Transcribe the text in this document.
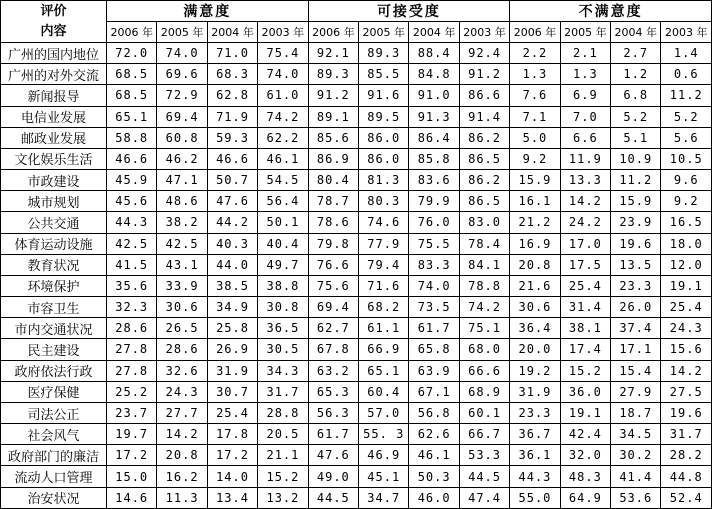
评价
内容	满意度				可接受度				不满意度			
	2006 年	2005 年	2004 年	2003 年	2006 年	2005 年	2004 年	2003 年	2006 年	2005 年	2004 年	2003 年
广州的国内地位	72.0	74.0	71.0	75.4	92.1	89.3	88.4	92.4	2.2	2.1	2.7	1.4
广州的对外交流	68.5	69.6	68.3	74.0	89.3	85.5	84.8	91.2	1.3	1.3	1.2	0.6
新闻报导	68.5	72.9	62.8	61.0	91.2	91.6	91.0	86.6	7.6	6.9	6.8	11.2
电信业发展	65.1	69.4	71.9	74.2	89.1	89.5	91.3	91.4	7.1	7.0	5.2	5.2
邮政业发展	58.8	60.8	59.3	62.2	85.6	86.0	86.4	86.2	5.0	6.6	5.1	5.6
文化娱乐生活	46.6	46.2	46.6	46.1	86.9	86.0	85.8	86.5	9.2	11.9	10.9	10.5
市政建设	45.9	47.1	50.7	54.5	80.4	81.3	83.6	86.2	15.9	13.3	11.2	9.6
城市规划	45.6	48.6	47.6	56.4	78.7	80.3	79.9	86.5	16.1	14.2	15.9	9.2
公共交通	44.3	38.2	44.2	50.1	78.6	74.6	76.0	83.0	21.2	24.2	23.9	16.5
体育运动设施	42.5	42.5	40.3	40.4	79.8	77.9	75.5	78.4	16.9	17.0	19.6	18.0
教育状况	41.5	43.1	44.0	49.7	76.6	79.4	83.3	84.1	20.8	17.5	13.5	12.0
环境保护	35.6	33.9	38.5	38.8	75.6	71.6	74.0	78.8	21.6	25.4	23.3	19.1
市容卫生	32.3	30.6	34.9	30.8	69.4	68.2	73.5	74.2	30.6	31.4	26.0	25.4
市内交通状况	28.6	26.5	25.8	36.5	62.7	61.1	61.7	75.1	36.4	38.1	37.4	24.3
民主建设	27.8	28.6	26.9	30.5	67.8	66.9	65.8	68.0	20.0	17.4	17.1	15.6
政府依法行政	27.8	32.6	31.9	34.3	63.2	65.1	63.9	66.6	19.2	15.2	15.4	14.2
医疗保健	25.2	24.3	30.7	31.7	65.3	60.4	67.1	68.9	31.9	36.0	27.9	27.5
司法公正	23.7	27.7	25.4	28.8	56.3	57.0	56.8	60.1	23.3	19.1	18.7	19.6
社会风气	19.7	14.2	17.8	20.5	61.7	55. 3	62.6	66.7	36.7	42.4	34.5	31.7
政府部门的廉洁	17.2	20.8	17.2	21.1	47.6	46.9	46.1	53.3	36.1	32.0	30.2	28.2
流动人口管理	15.0	16.2	14.0	15.2	49.0	45.1	50.3	44.5	44.3	48.3	41.4	44.8
治安状况	14.6	11.3	13.4	13.2	44.5	34.7	46.0	47.4	55.0	64.9	53.6	52.4
